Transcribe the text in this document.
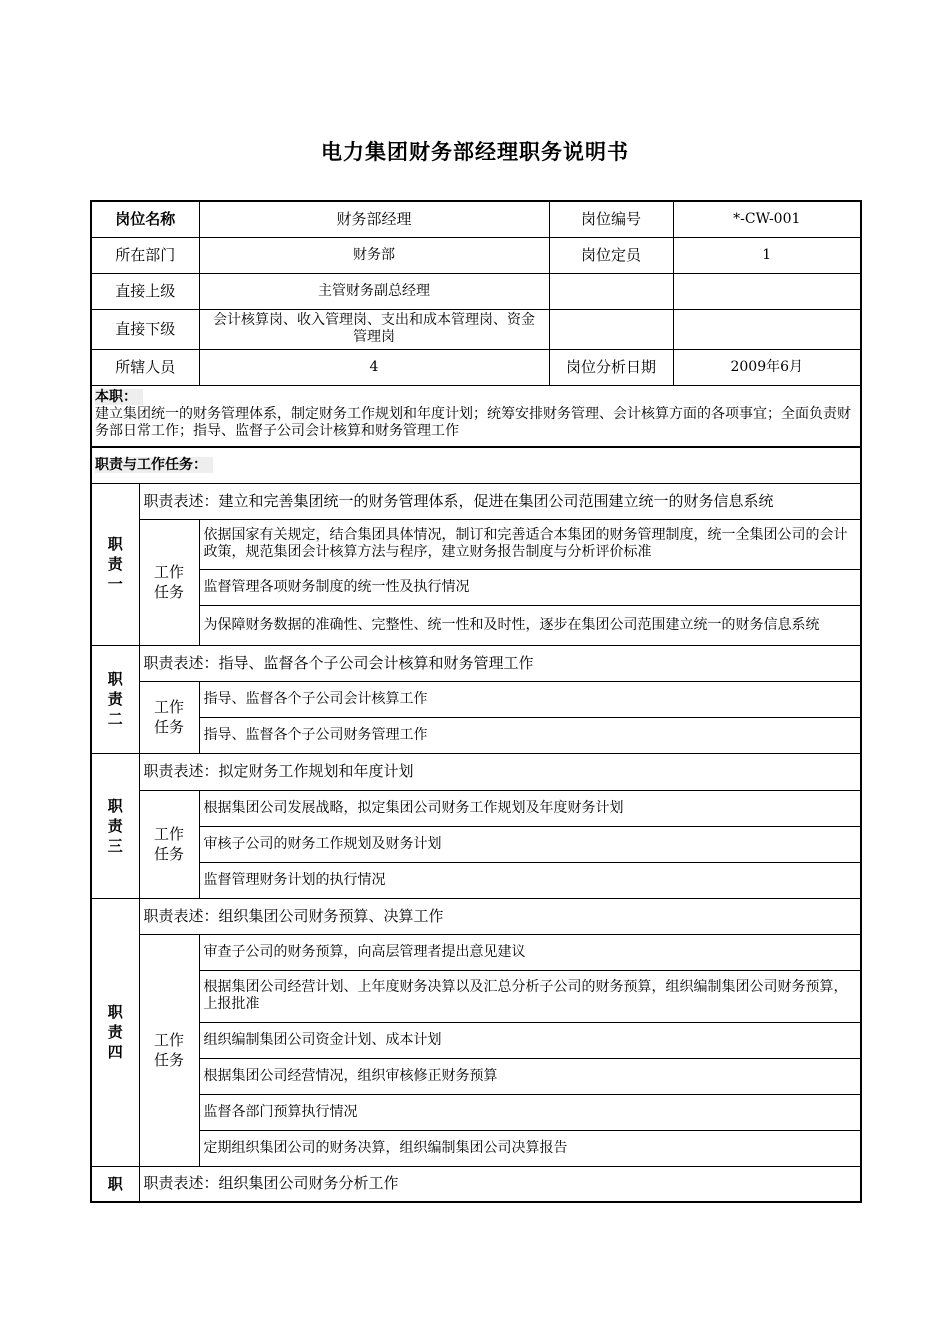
电力集团财务部经理职务说明书
岗位名称		财务部经理	岗位编号	*-CW-001
所在部门		财务部	岗位定员	1
直接上级		主管财务副总经理		
直接下级		会计核算岗、收入管理岗、支出和成本管理岗、资金管理岗		
所辖人员		4	岗位分析日期	2009年6月

本职：
建立集团统一的财务管理体系，制定财务工作规划和年度计划；统筹安排财务管理、会计核算方面的各项事宜；全面负责财务部日常工作；指导、监督子公司会计核算和财务管理工作				

职责与工作任务：				
职责一	职责表述：建立和完善集团统一的财务管理体系，促进在集团公司范围建立统一的财务信息系统			
	工作任务	依据国家有关规定，结合集团具体情况，制订和完善适合本集团的财务管理制度，统一全集团公司的会计政策，规范集团会计核算方法与程序，建立财务报告制度与分析评价标准		
		监督管理各项财务制度的统一性及执行情况		
		为保障财务数据的准确性、完整性、统一性和及时性，逐步在集团公司范围建立统一的财务信息系统		
职责二	职责表述：指导、监督各个子公司会计核算和财务管理工作			
	工作任务	指导、监督各个子公司会计核算工作		
		指导、监督各个子公司财务管理工作		
职责三	职责表述：拟定财务工作规划和年度计划			
	工作任务	根据集团公司发展战略，拟定集团公司财务工作规划及年度财务计划		
		审核子公司的财务工作规划及财务计划		
		监督管理财务计划的执行情况		
职责四	职责表述：组织集团公司财务预算、决算工作			
	工作任务	审查子公司的财务预算，向高层管理者提出意见建议		
		根据集团公司经营计划、上年度财务决算以及汇总分析子公司的财务预算，组织编制集团公司财务预算，上报批准		
		组织编制集团公司资金计划、成本计划		
		根据集团公司经营情况，组织审核修正财务预算		
		监督各部门预算执行情况		
		定期组织集团公司的财务决算，组织编制集团公司决算报告		
职	职责表述：组织集团公司财务分析工作			
